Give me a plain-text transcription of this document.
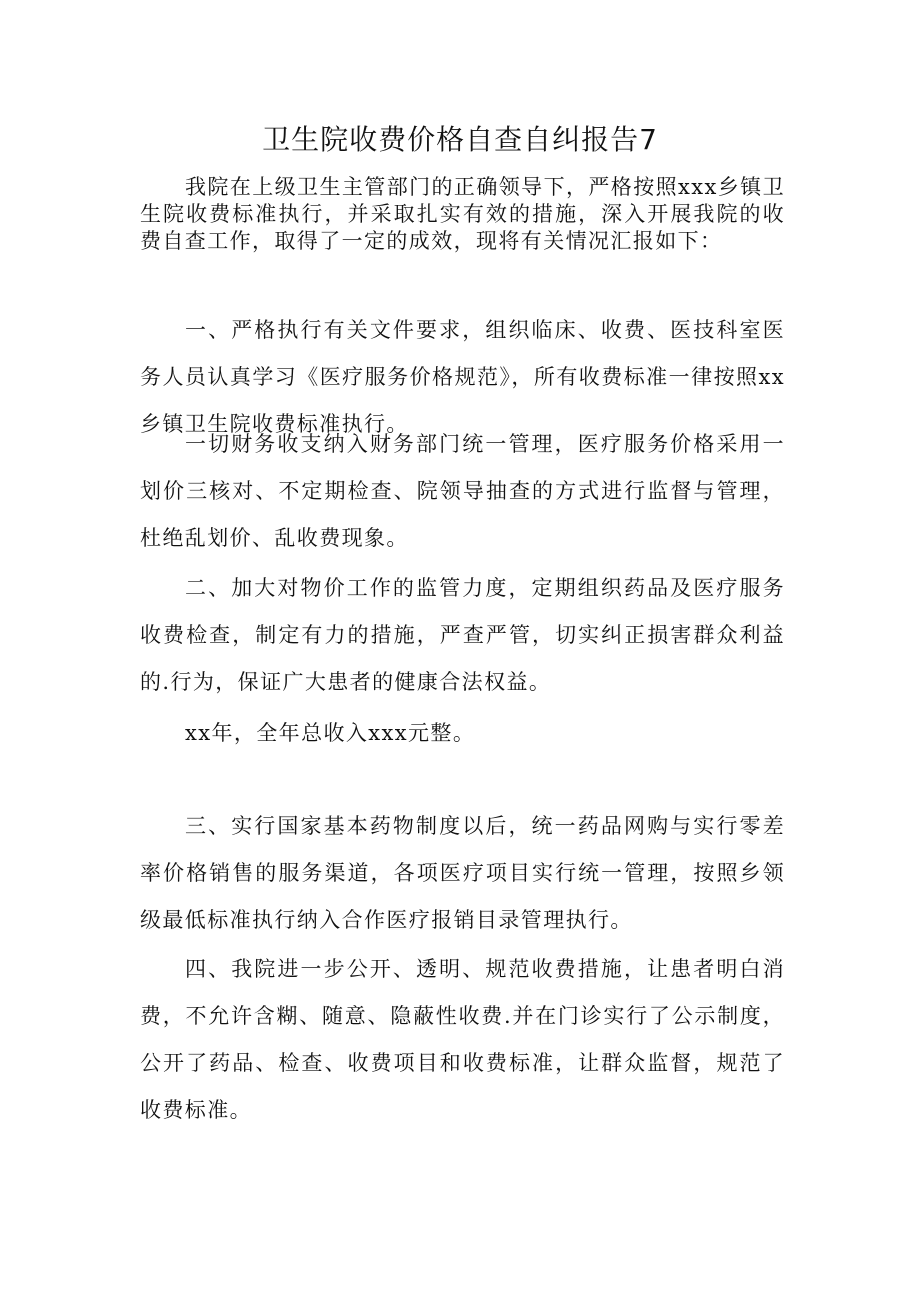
卫生院收费价格自查自纠报告7

我院在上级卫生主管部门的正确领导下，严格按照xxx乡镇卫生院收费标准执行，并采取扎实有效的措施，深入开展我院的收费自查工作，取得了一定的成效，现将有关情况汇报如下：

一、严格执行有关文件要求，组织临床、收费、医技科室医务人员认真学习《医疗服务价格规范》，所有收费标准一律按照xx乡镇卫生院收费标准执行。

一切财务收支纳入财务部门统一管理，医疗服务价格采用一划价三核对、不定期检查、院领导抽查的方式进行监督与管理，杜绝乱划价、乱收费现象。

二、加大对物价工作的监管力度，定期组织药品及医疗服务收费检查，制定有力的措施，严查严管，切实纠正损害群众利益的.行为，保证广大患者的健康合法权益。

xx年，全年总收入xxx元整。

三、实行国家基本药物制度以后，统一药品网购与实行零差率价格销售的服务渠道，各项医疗项目实行统一管理，按照乡领级最低标准执行纳入合作医疗报销目录管理执行。

四、我院进一步公开、透明、规范收费措施，让患者明白消费，不允许含糊、随意、隐蔽性收费.并在门诊实行了公示制度，公开了药品、检查、收费项目和收费标准，让群众监督，规范了收费标准。
